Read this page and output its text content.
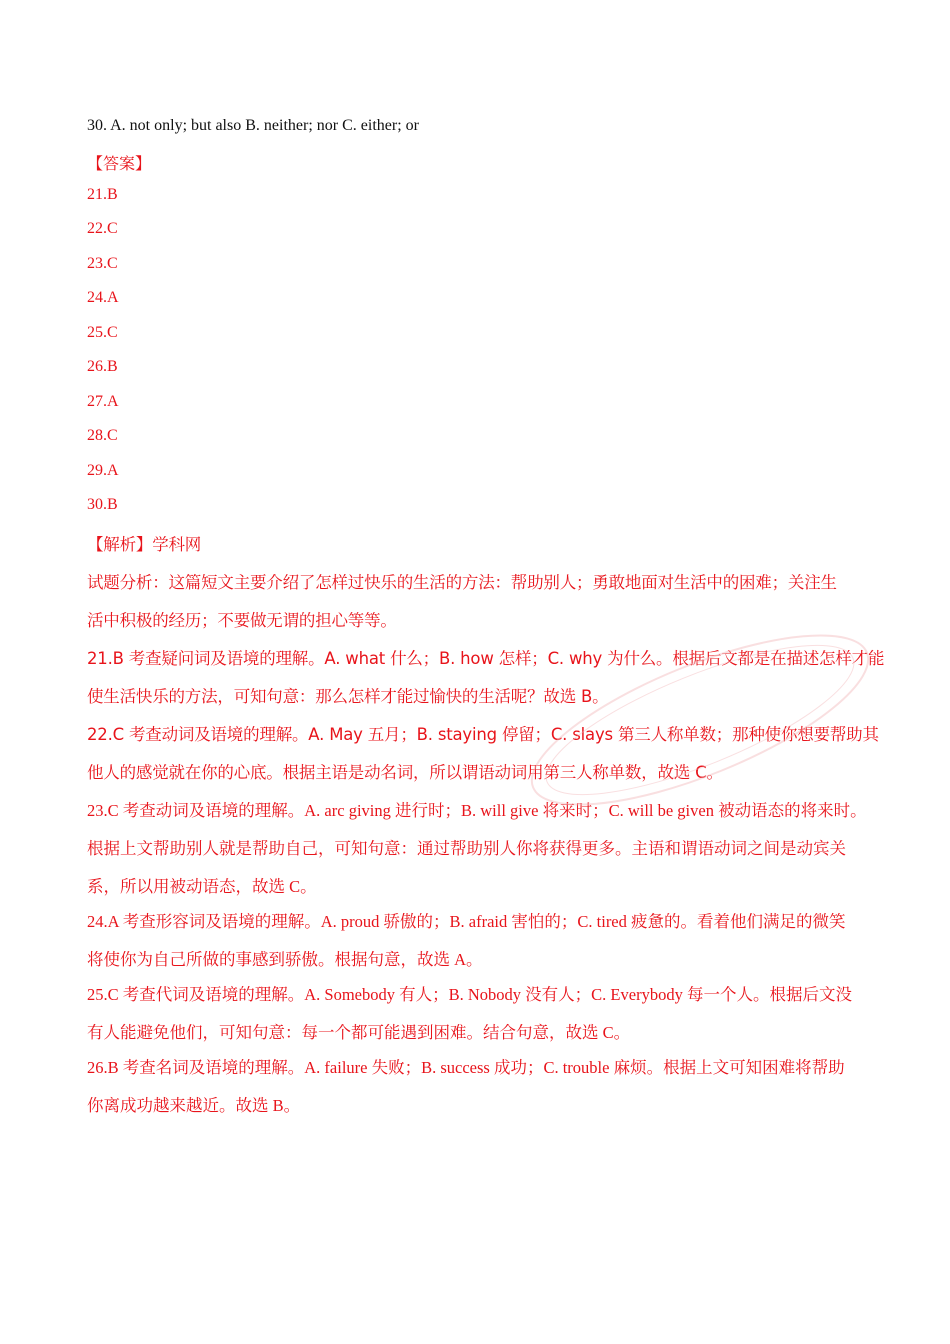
30. A. not only; but also B. neither; nor C. either; or
【答案】
21.B
22.C
23.C
24.A
25.C
26.B
27.A
28.C
29.A
30.B
【解析】学科网
试题分析：这篇短文主要介绍了怎样过快乐的生活的方法：帮助别人；勇敢地面对生活中的困难；关注生
活中积极的经历；不要做无谓的担心等等。
21.B 考查疑问词及语境的理解。A. what 什么；B. how 怎样；C. why 为什么。根据后文都是在描述怎样才能
使生活快乐的方法，可知句意：那么怎样才能过愉快的生活呢？故选 B。
22.C 考查动词及语境的理解。A. May 五月；B. staying 停留；C. slays 第三人称单数；那种使你想要帮助其
他人的感觉就在你的心底。根据主语是动名词，所以谓语动词用第三人称单数，故选 C。
23.C 考查动词及语境的理解。A. arc giving 进行时；B. will give 将来时；C. will be given 被动语态的将来时。
根据上文帮助别人就是帮助自己，可知句意：通过帮助别人你将获得更多。主语和谓语动词之间是动宾关
系，所以用被动语态，故选 C。
24.A 考查形容词及语境的理解。A. proud 骄傲的；B. afraid 害怕的；C. tired 疲惫的。看着他们满足的微笑
将使你为自己所做的事感到骄傲。根据句意，故选 A。
25.C 考查代词及语境的理解。A. Somebody 有人；B. Nobody 没有人；C. Everybody 每一个人。根据后文没
有人能避免他们，可知句意：每一个都可能遇到困难。结合句意，故选 C。
26.B 考查名词及语境的理解。A. failure 失败；B. success 成功；C. trouble 麻烦。根据上文可知困难将帮助
你离成功越来越近。故选 B。
